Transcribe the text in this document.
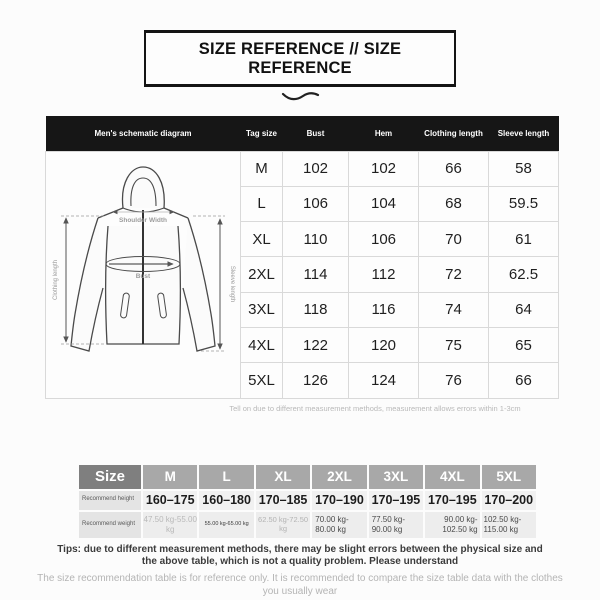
SIZE REFERENCE // SIZE REFERENCE
Men's schematic diagram	Tag size	Bust	Hem	Clothing length	Sleeve length

Shoulder Width
Bust
Clothing length Sleeve length	M	102	102	66	58
	L	106	104	68	59.5
	XL	110	106	70	61
	2XL	114	112	72	62.5
	3XL	118	116	74	64
	4XL	122	120	75	65
	5XL	126	124	76	66
Tell on due to different measurement methods, measurement allows errors within 1-3cm
Size	M	L	XL	2XL	3XL	4XL	5XL
Recommend height	160–175	160–180	170–185	170–190	170–195	170–195	170–200
Recommend weight	47.50 kg-55.00 kg	55.00 kg-65.00 kg	62.50 kg-72.50 kg	70.00 kg-80.00 kg	77.50 kg-90.00 kg	90.00 kg-102.50 kg	102.50 kg-115.00 kg
Tips: due to different measurement methods, there may be slight errors between the physical size and the above table, which is not a quality problem. Please understand
The size recommendation table is for reference only. It is recommended to compare the size table data with the clothes you usually wear
